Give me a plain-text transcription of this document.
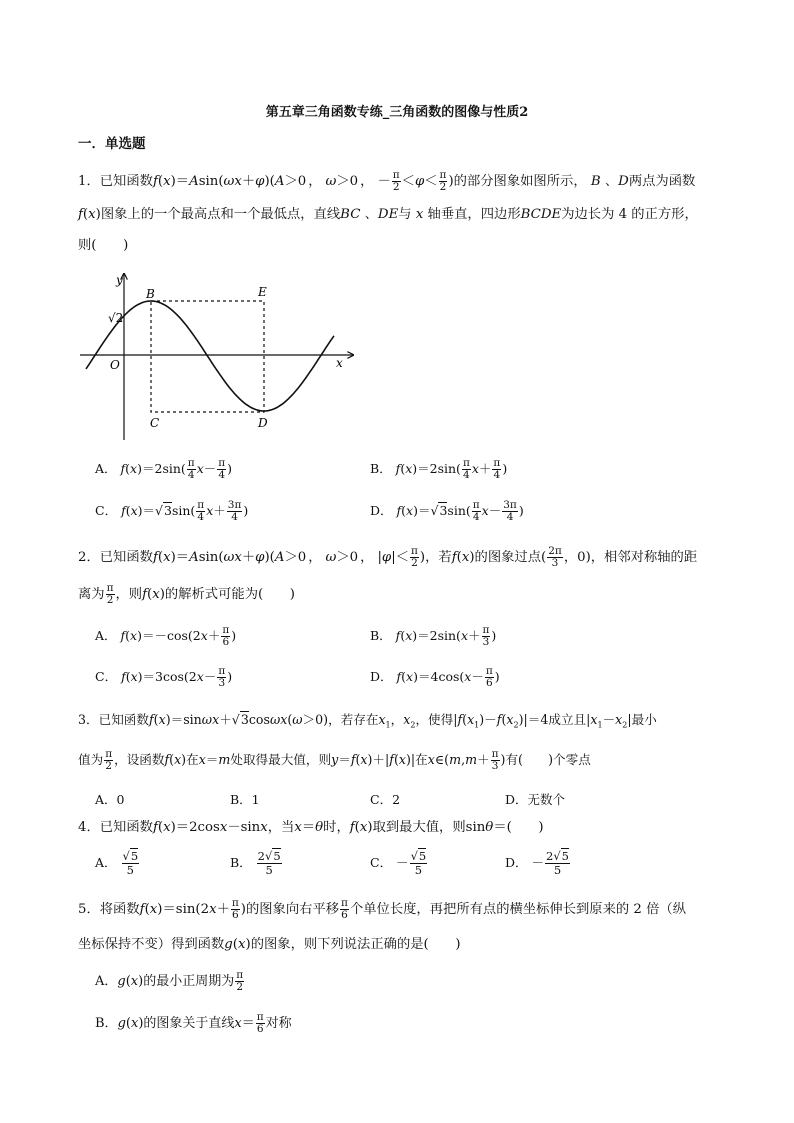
第五章三角函数专练_三角函数的图像与性质2
一．单选题
1．已知函数f(x)＝Asin(ωx＋φ)(A＞0 ， ω＞0 ， － $\frac{\pi}{2} <\varphi< \frac{\pi}{2}$ )的部分图象如图所示， B 、D两点为函数
f(x)图象上的一个最高点和一个最低点，直线BC 、DE与 x 轴垂直，四边形BCDE为边长为 4 的正方形，
则(　　)
y
x
O
B	E
C	D
√2
A． $f(x)=2\sin( \frac{\pi}{4} x- \frac{\pi}{4}$ )	B． $f(x)=2\sin( \frac{\pi}{4} x+ \frac{\pi}{4}$ )
C． $f(x)=√3\sin( \frac{\pi}{4} x+ \frac{3\pi}{4}$ )	D． $f(x)=√3\sin( \frac{\pi}{4} x- \frac{3\pi}{4}$ )
2．已知函数f(x)＝Asin(ωx＋φ)(A＞0 ， ω＞0 ， $|\varphi|< \frac{\pi}{2}$ )，若f(x)的图象过点( $\frac{2\pi}{3}$ ，0)，相邻对称轴的距
离为 $\frac{\pi}{2}$ ，则f(x)的解析式可能为(　　)
A． $f(x)=-\cos(2x+ \frac{\pi}{6}$ )	B． $f(x)=2\sin(x+ \frac{\pi}{3}$ )
C． $f(x)=3\cos(2x- \frac{\pi}{3}$ )	D． $f(x)=4\cos(x- \frac{\pi}{6}$ )
3．已知函数f(x)＝sinωx＋√3cosωx(ω＞0)，若存在$x_1$，$x_2$，使得$|f(x_1)-f(x_2)|=4$成立且$|x_1-x_2|$最小
值为 $\frac{\pi}{2}$ ，设函数f(x)在x＝m处取得最大值，则y＝f(x)＋|f(x)|在x∈(m,m＋ $\frac{\pi}{3}$ )有(　　)个零点
A．0	B．1	C．2	D．无数个
4．已知函数f(x)＝2cosx－sinx，当x＝θ时，f(x)取到最大值，则sinθ＝(　　)
A． $\frac{√5}{5}$	B． $\frac{2√5}{5}$	C． － $\frac{√5}{5}$	D． － $\frac{2√5}{5}$
5．将函数$f(x)=\sin(2x+ \frac{\pi}{6}$ )的图象向右平移 $\frac{\pi}{6}$ 个单位长度，再把所有点的横坐标伸长到原来的 2 倍（纵
坐标保持不变）得到函数g(x)的图象，则下列说法正确的是(　　)
A．g(x)的最小正周期为 $\frac{\pi}{2}$
B．g(x)的图象关于直线$x= \frac{\pi}{6}$ 对称
